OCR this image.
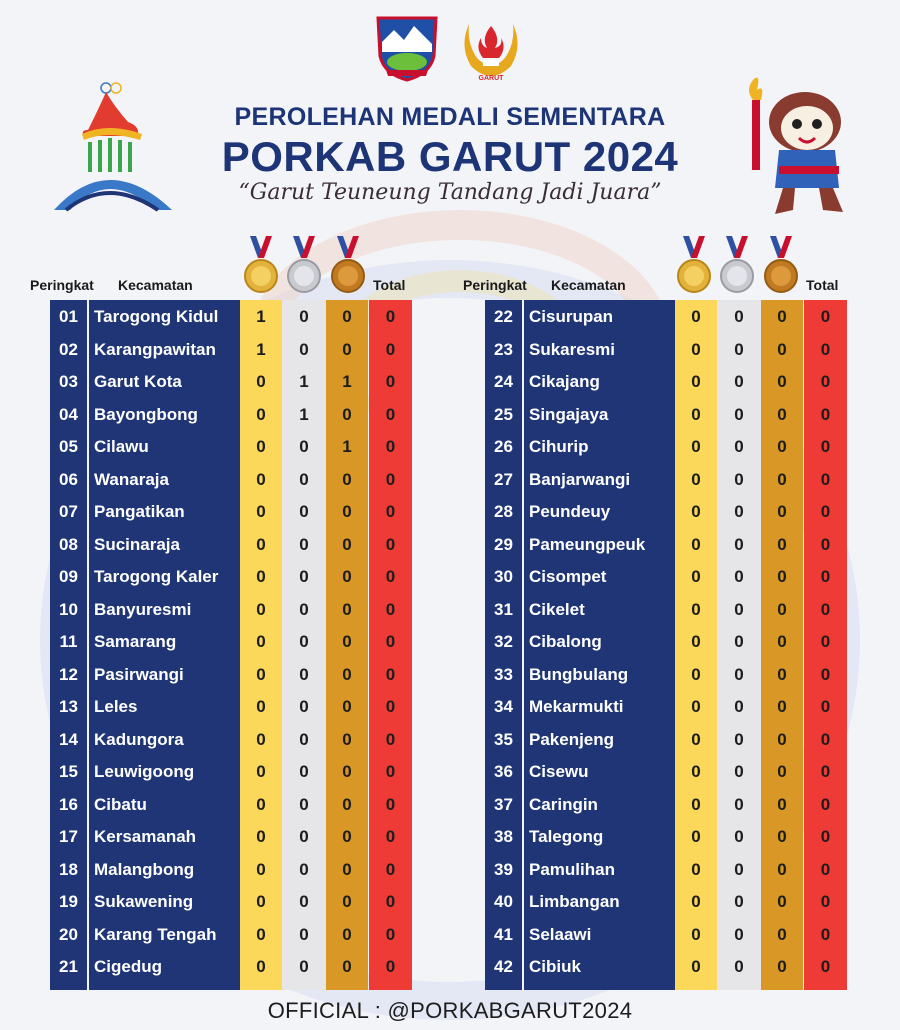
GARUT
PEROLEHAN MEDALI SEMENTARA
PORKAB GARUT 2024
“Garut Teuneung Tandang Jadi Juara”
Peringkat Kecamatan	Total
01 Tarogong Kidul	1	0	0	0
02 Karangpawitan	1	0	0	0
03 Garut Kota	0	1	1	0
04 Bayongbong	0	1	0	0
05 Cilawu	0	0	1	0
06 Wanaraja	0	0	0	0
07 Pangatikan	0	0	0	0
08 Sucinaraja	0	0	0	0
09 Tarogong Kaler	0	0	0	0
10 Banyuresmi	0	0	0	0
11 Samarang	0	0	0	0
12 Pasirwangi	0	0	0	0
13 Leles	0	0	0	0
14 Kadungora	0	0	0	0
15 Leuwigoong	0	0	0	0
16 Cibatu	0	0	0	0
17 Kersamanah	0	0	0	0
18 Malangbong	0	0	0	0
19 Sukawening	0	0	0	0
20 Karang Tengah	0	0	0	0
21 Cigedug	0	0	0	0
Peringkat Kecamatan	Total
22 Cisurupan	0	0	0	0
23 Sukaresmi	0	0	0	0
24 Cikajang	0	0	0	0
25 Singajaya	0	0	0	0
26 Cihurip	0	0	0	0
27 Banjarwangi	0	0	0	0
28 Peundeuy	0	0	0	0
29 Pameungpeuk	0	0	0	0
30 Cisompet	0	0	0	0
31 Cikelet	0	0	0	0
32 Cibalong	0	0	0	0
33 Bungbulang	0	0	0	0
34 Mekarmukti	0	0	0	0
35 Pakenjeng	0	0	0	0
36 Cisewu	0	0	0	0
37 Caringin	0	0	0	0
38 Talegong	0	0	0	0
39 Pamulihan	0	0	0	0
40 Limbangan	0	0	0	0
41 Selaawi	0	0	0	0
42 Cibiuk	0	0	0	0
OFFICIAL : @PORKABGARUT2024
